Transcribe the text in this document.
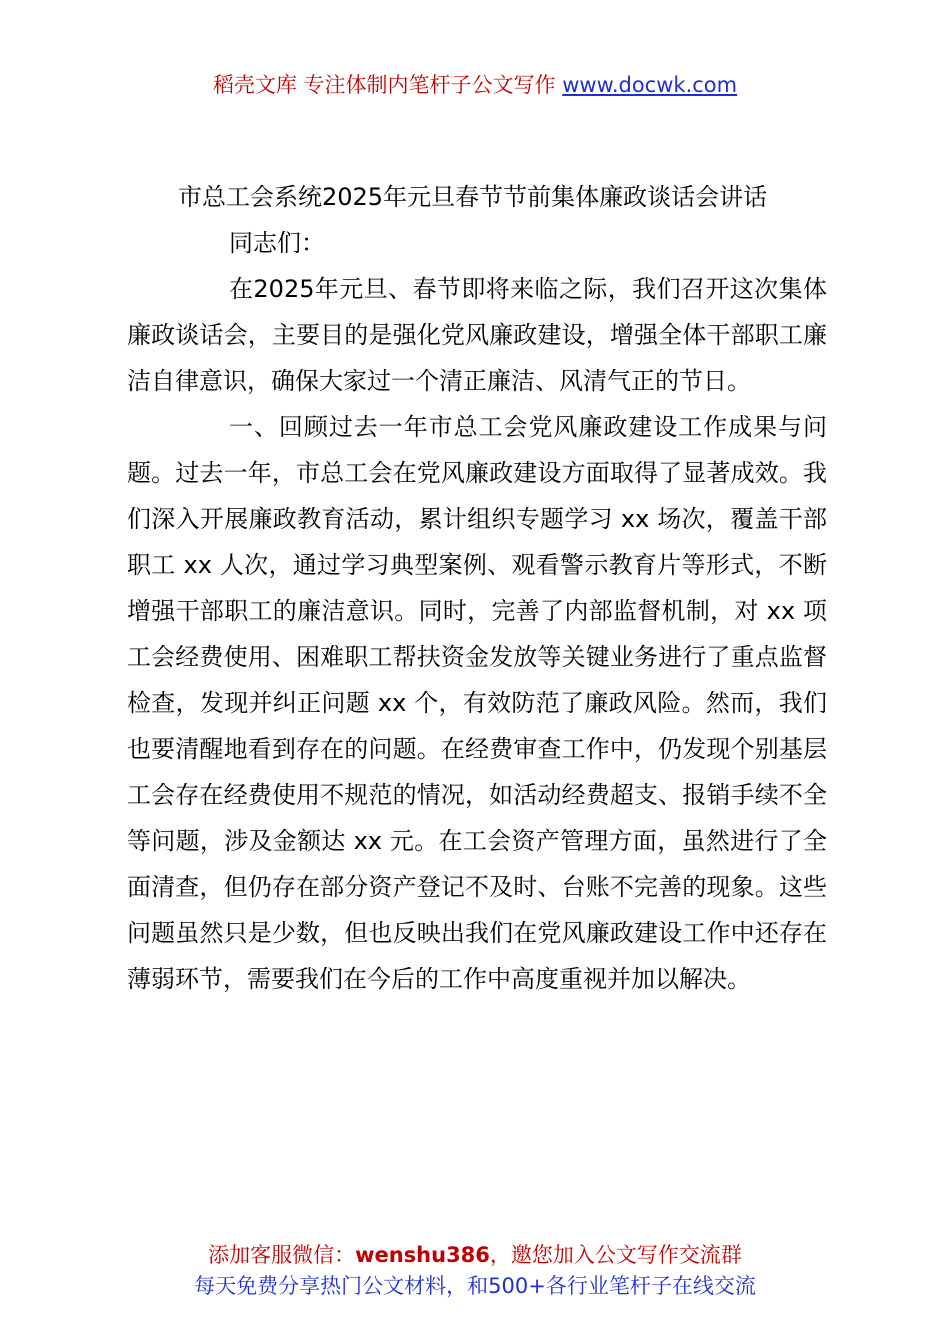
稻壳文库 专注体制内笔杆子公文写作 www.docwk.com
市总工会系统2025年元旦春节节前集体廉政谈话会讲话

同志们：

在2025年元旦、春节即将来临之际，我们召开这次集体廉政谈话会，主要目的是强化党风廉政建设，增强全体干部职工廉洁自律意识，确保大家过一个清正廉洁、风清气正的节日。

一、回顾过去一年市总工会党风廉政建设工作成果与问题。过去一年，市总工会在党风廉政建设方面取得了显著成效。我们深入开展廉政教育活动，累计组织专题学习 xx 场次，覆盖干部职工 xx 人次，通过学习典型案例、观看警示教育片等形式，不断增强干部职工的廉洁意识。同时，完善了内部监督机制，对 xx 项工会经费使用、困难职工帮扶资金发放等关键业务进行了重点监督检查，发现并纠正问题 xx 个，有效防范了廉政风险。然而，我们也要清醒地看到存在的问题。在经费审查工作中，仍发现个别基层工会存在经费使用不规范的情况，如活动经费超支、报销手续不全等问题，涉及金额达 xx 元。在工会资产管理方面，虽然进行了全面清查，但仍存在部分资产登记不及时、台账不完善的现象。这些问题虽然只是少数，但也反映出我们在党风廉政建设工作中还存在薄弱环节，需要我们在今后的工作中高度重视并加以解决。

添加客服微信：wenshu386，邀您加入公文写作交流群
每天免费分享热门公文材料，和500+各行业笔杆子在线交流
